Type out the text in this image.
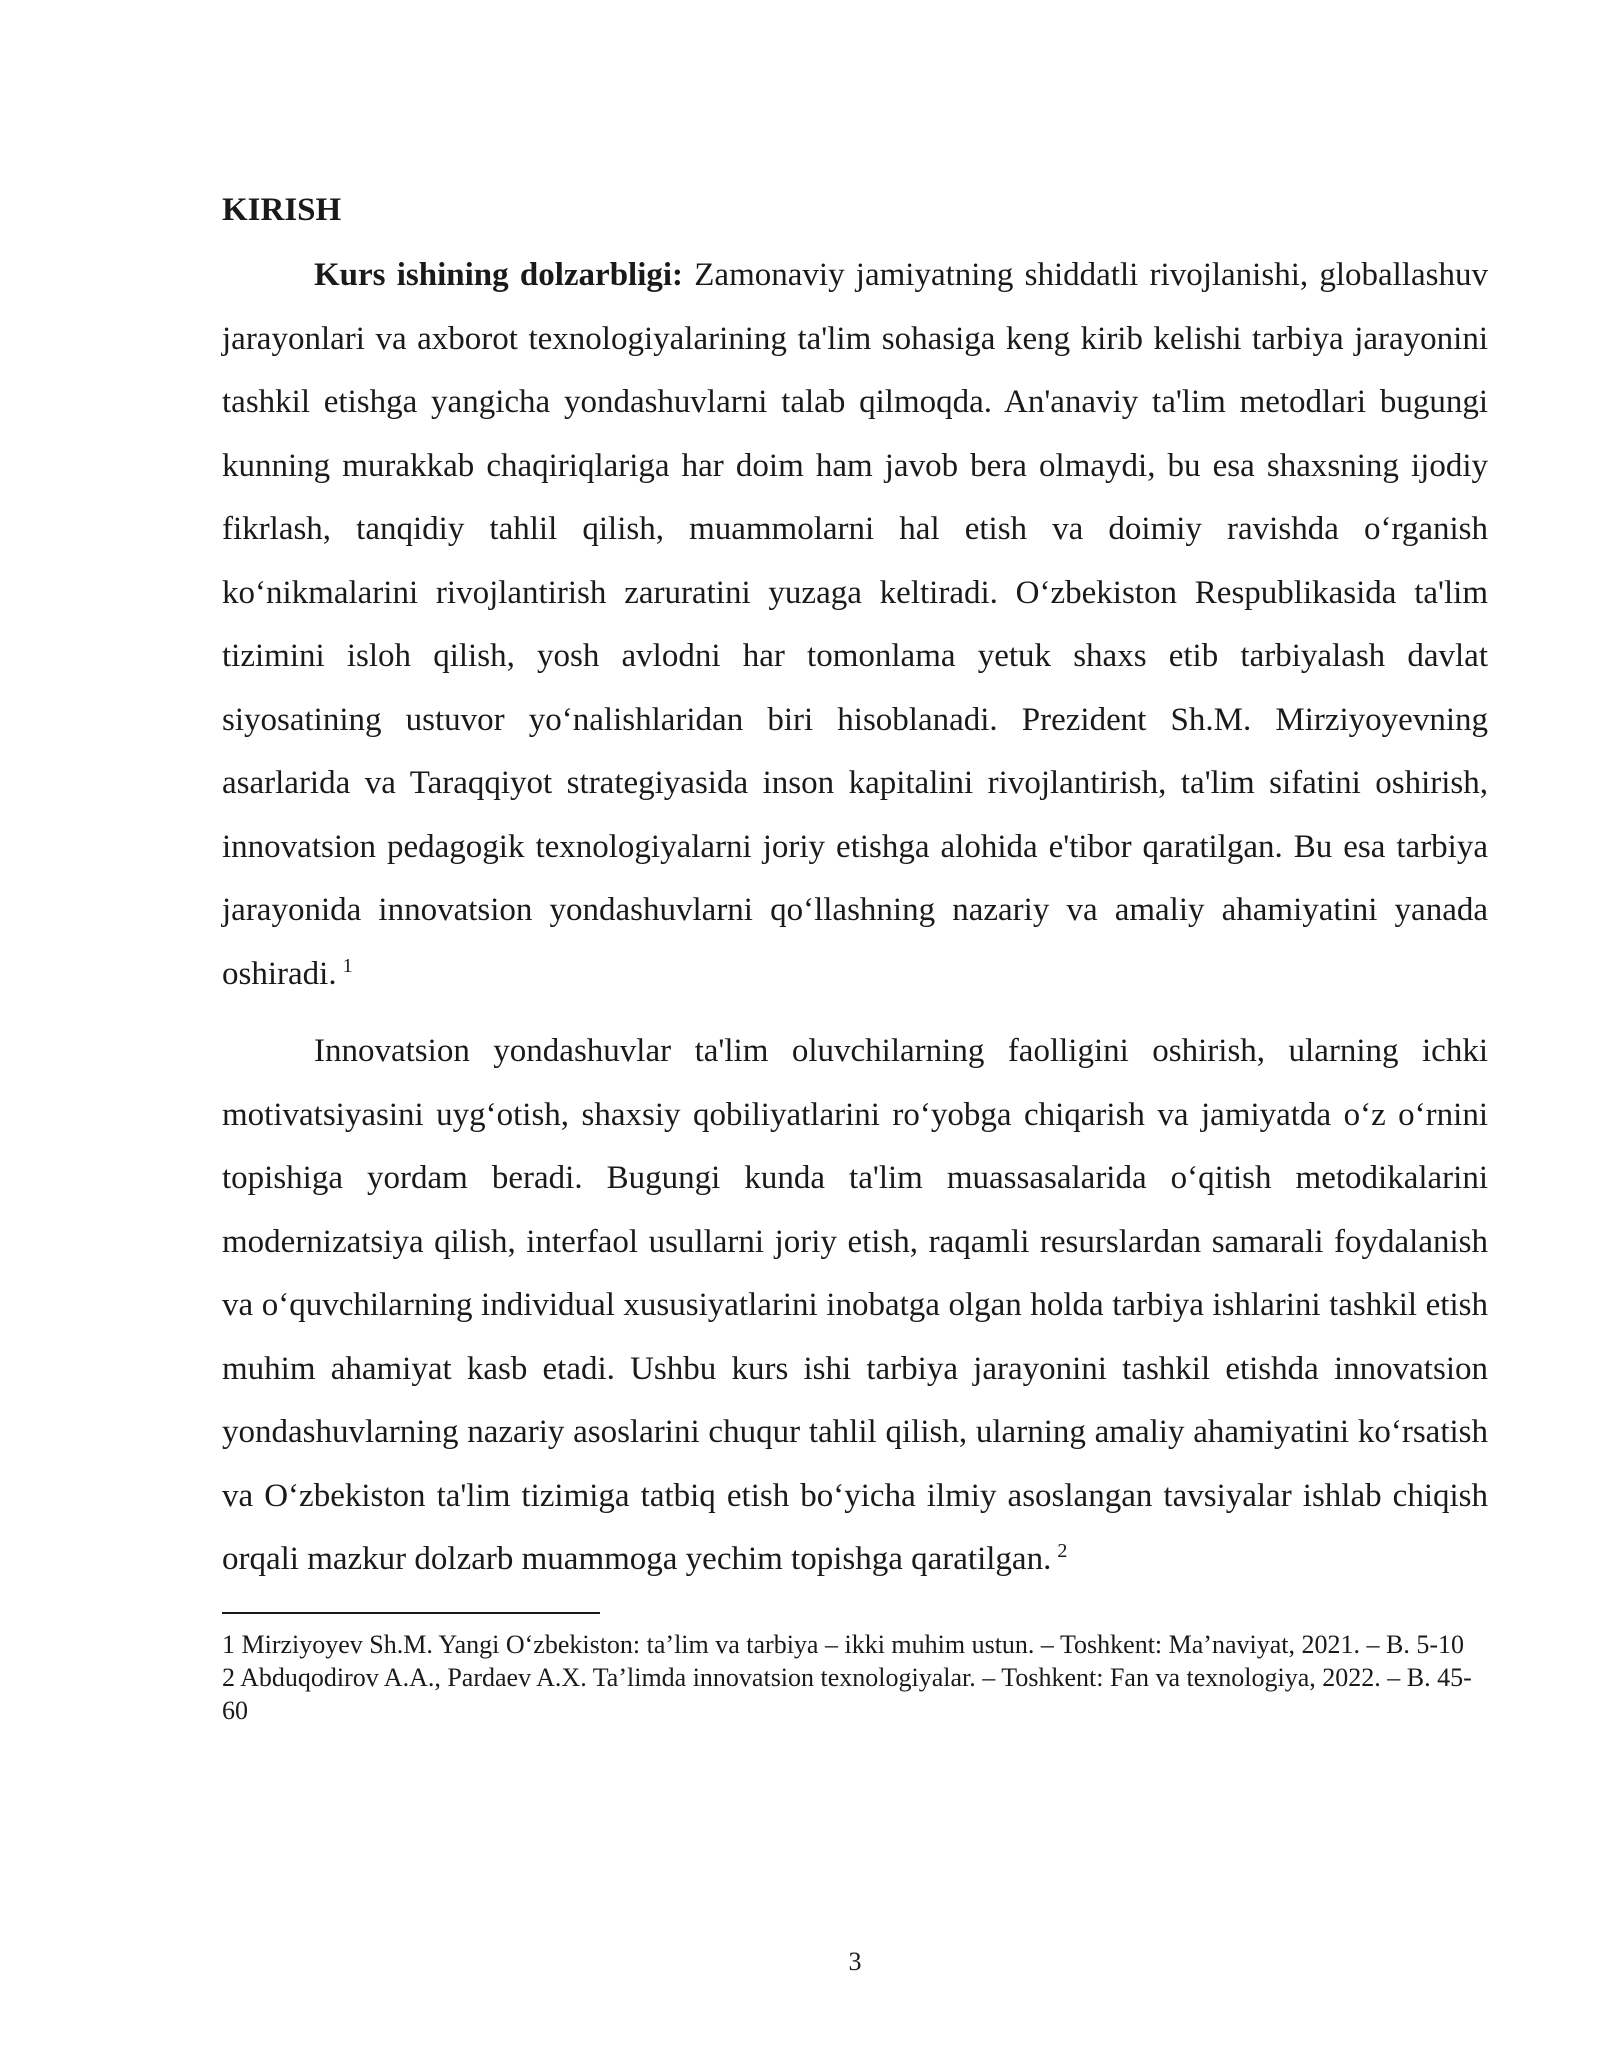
KIRISH

Kurs ishining dolzarbligi: Zamonaviy jamiyatning shiddatli rivojlanishi, globallashuv jarayonlari va axborot texnologiyalarining ta'lim sohasiga keng kirib kelishi tarbiya jarayonini tashkil etishga yangicha yondashuvlarni talab qilmoqda. An'anaviy ta'lim metodlari bugungi kunning murakkab chaqiriqlariga har doim ham javob bera olmaydi, bu esa shaxsning ijodiy fikrlash, tanqidiy tahlil qilish, muammolarni hal etish va doimiy ravishda o‘rganish ko‘nikmalarini rivojlantirish zaruratini yuzaga keltiradi. O‘zbekiston Respublikasida ta'lim tizimini isloh qilish, yosh avlodni har tomonlama yetuk shaxs etib tarbiyalash davlat siyosatining ustuvor yo‘nalishlaridan biri hisoblanadi. Prezident Sh.M. Mirziyoyevning asarlarida va Taraqqiyot strategiyasida inson kapitalini rivojlantirish, ta'lim sifatini oshirish, innovatsion pedagogik texnologiyalarni joriy etishga alohida e'tibor qaratilgan. Bu esa tarbiya jarayonida innovatsion yondashuvlarni qo‘llashning nazariy va amaliy ahamiyatini yanada oshiradi. $^1$

Innovatsion yondashuvlar ta'lim oluvchilarning faolligini oshirish, ularning ichki motivatsiyasini uyg‘otish, shaxsiy qobiliyatlarini ro‘yobga chiqarish va jamiyatda o‘z o‘rnini topishiga yordam beradi. Bugungi kunda ta'lim muassasalarida o‘qitish metodikalarini modernizatsiya qilish, interfaol usullarni joriy etish, raqamli resurslardan samarali foydalanish va o‘quvchilarning individual xususiyatlarini inobatga olgan holda tarbiya ishlarini tashkil etish muhim ahamiyat kasb etadi. Ushbu kurs ishi tarbiya jarayonini tashkil etishda innovatsion yondashuvlarning nazariy asoslarini chuqur tahlil qilish, ularning amaliy ahamiyatini ko‘rsatish va O‘zbekiston ta'lim tizimiga tatbiq etish bo‘yicha ilmiy asoslangan tavsiyalar ishlab chiqish orqali mazkur dolzarb muammoga yechim topishga qaratilgan. $^2$

1 Mirziyoyev Sh.M. Yangi O‘zbekiston: ta’lim va tarbiya – ikki muhim ustun. – Toshkent: Ma’naviyat, 2021. – B. 5-10

2 Abduqodirov A.A., Pardaev A.X. Ta’limda innovatsion texnologiyalar. – Toshkent: Fan va texnologiya, 2022. – B. 45-60

3
